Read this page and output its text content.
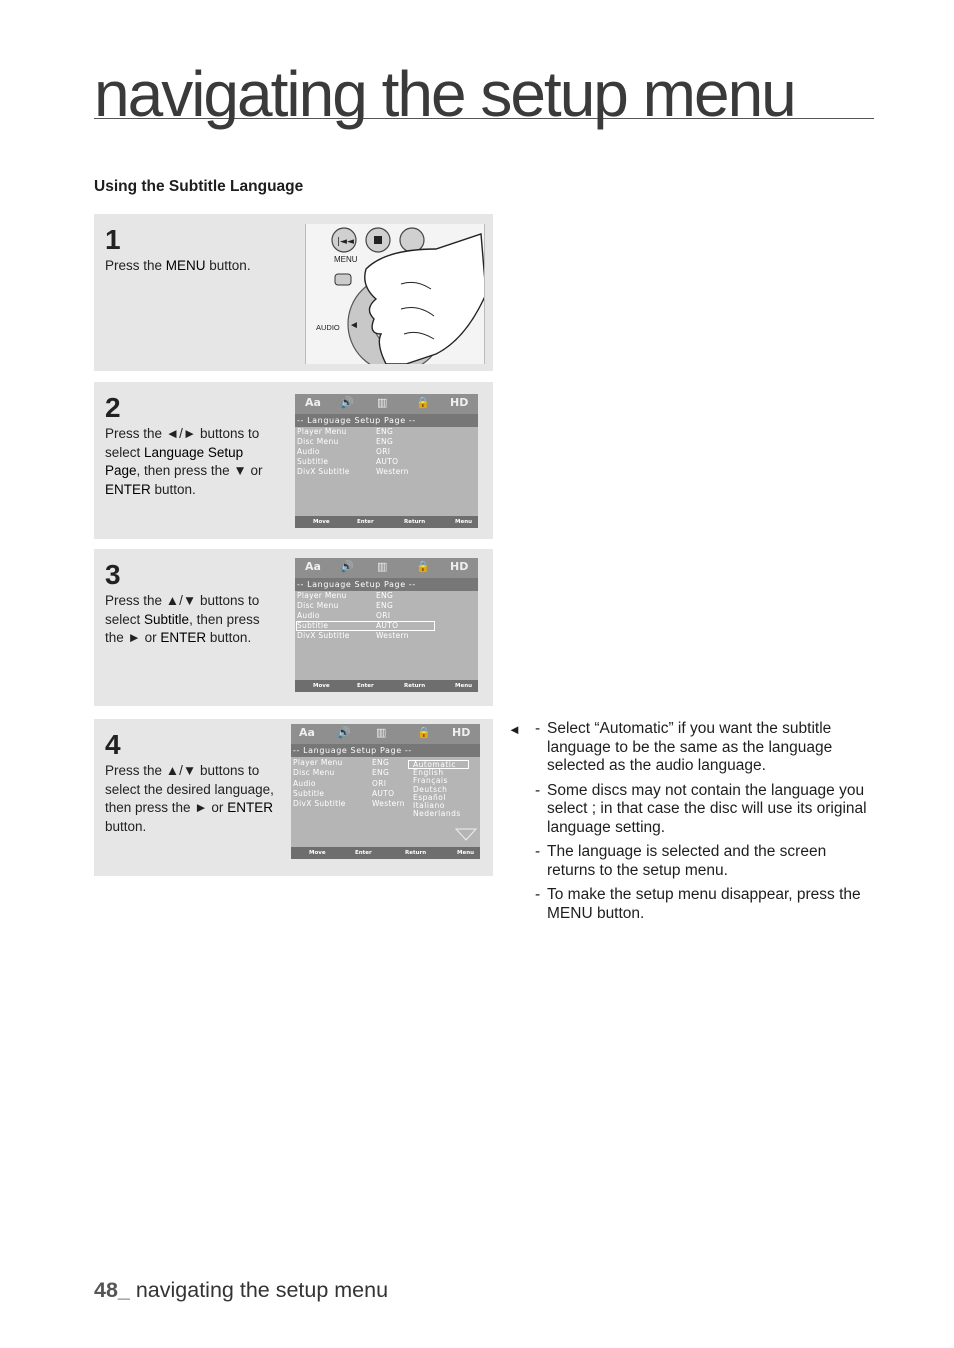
navigating the setup menu
Using the Subtitle Language
1
Press the MENU button.
|◄◄
MENU
◄
AUDIO
2
Press the ◄/► buttons to select Language Setup Page, then press the ▼ or ENTER button.
Aa 🔊 ▥	🔒 HD
-- Language Setup Page --
Player Menu	ENG
Disc Menu	ENG
Audio	ORI
Subtitle	AUTO
DivX Subtitle	Western
Move	Enter	Return	Menu
3
Press the ▲/▼ buttons to select Subtitle, then press the ► or ENTER button.
Aa 🔊 ▥	🔒 HD
-- Language Setup Page --
Player Menu	ENG
Disc Menu	ENG
Audio	ORI
Subtitle	AUTO
DivX Subtitle	Western
Move	Enter	Return	Menu
4
Press the ▲/▼ buttons to select the desired language, then press the ► or ENTER button.
Aa 🔊 ▥	🔒 HD
-- Language Setup Page --
Player Menu	ENG
Disc Menu	ENG
Audio	ORI
Subtitle	AUTO
DivX Subtitle	Western
Automatic
English
Français
Deutsch
Español
Italiano
Nederlands
Move	Enter	Return	Menu
◄ - Select “Automatic” if you want the subtitle language to be the same as the language selected as the audio language.
- Some discs may not contain the language you select ; in that case the disc will use its original language setting.
- The language is selected and the screen returns to the setup menu.
- To make the setup menu disappear, press the MENU button.
48_ navigating the setup menu
